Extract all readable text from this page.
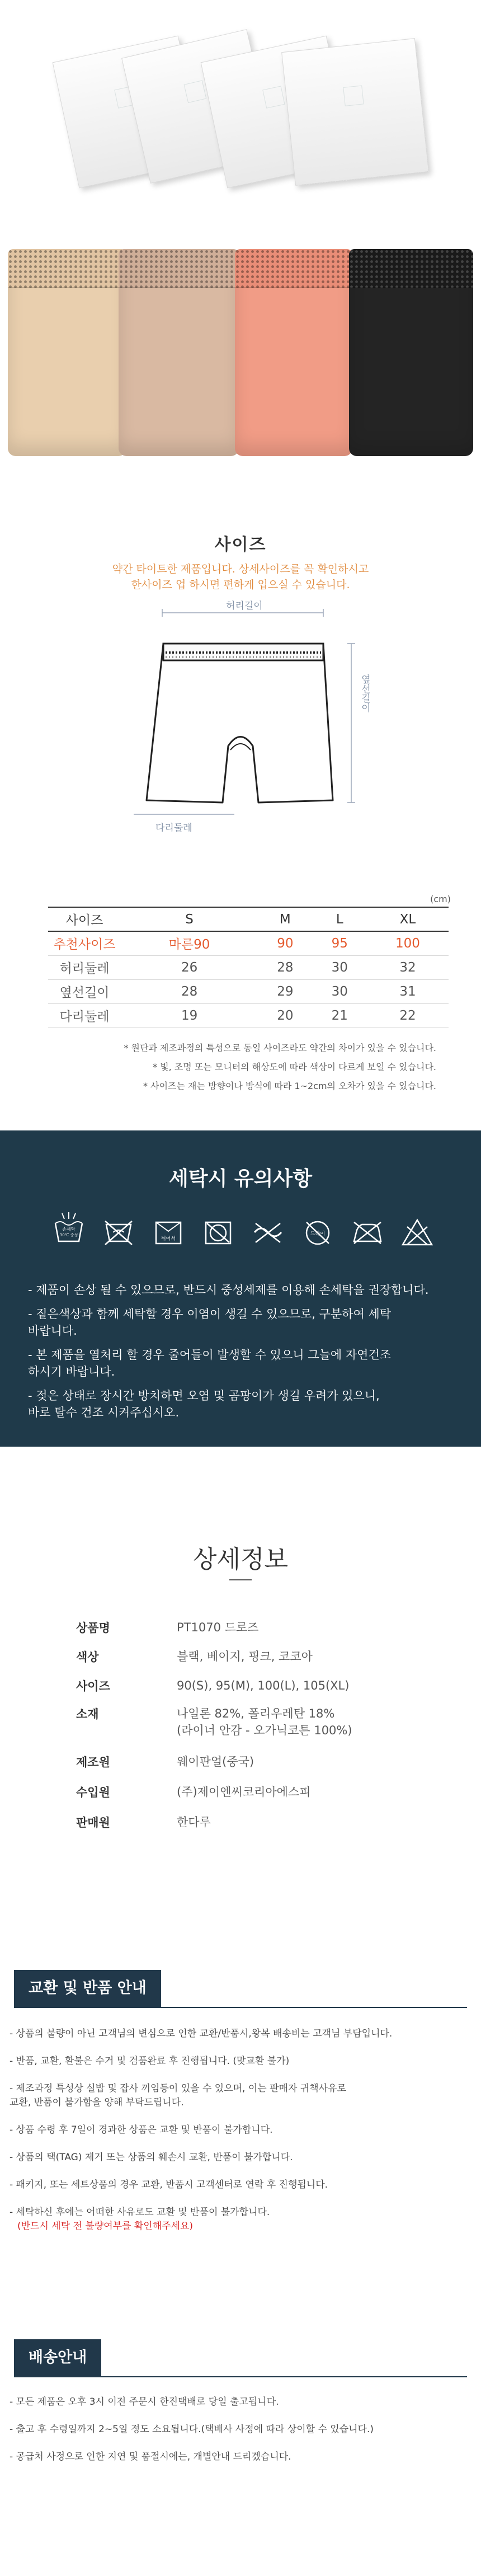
사이즈
약간 타이트한 제품입니다. 상세사이즈를 꼭 확인하시고
한사이즈 업 하시면 편하게 입으실 수 있습니다.
허리길이
옆선길이
다리둘레
(cm)
사이즈	S	M	L	XL
추천사이즈	마른90	90	95	100
허리둘레	26	28	30	32
옆선길이	28	29	30	31
다리둘레	19	20	21	22
* 원단과 제조과정의 특성으로 동일 사이즈라도 약간의 차이가 있을 수 있습니다.
* 빛, 조명 또는 모니터의 해상도에 따라 색상이 다르게 보일 수 있습니다.
* 사이즈는 재는 방향이나 방식에 따라 1~2cm의 오차가 있을 수 있습니다.
세탁시 유의사항
손세탁
30℃ 중성
뉘어서
드라이

- 제품이 손상 될 수 있으므로, 반드시 중성세제를 이용해 손세탁을 권장합니다.

- 짙은색상과 함께 세탁할 경우 이염이 생길 수 있으므로, 구분하여 세탁
바랍니다.

- 본 제품을 열처리 할 경우 줄어들이 발생할 수 있으니 그늘에 자연건조
하시기 바랍니다.

- 젖은 상태로 장시간 방치하면 오염 및 곰팡이가 생길 우려가 있으니,
바로 탈수 건조 시켜주십시오.

상세정보
상품명	PT1070 드로즈
색상	블랙, 베이지, 핑크, 코코아
사이즈	90(S), 95(M), 100(L), 105(XL)
소재	나일론 82%, 폴리우레탄 18%
(라이너 안감 - 오가닉코튼 100%)
제조원	웨이판얼(중국)
수입원	(주)제이엔씨코리아에스피
판매원	한다루
교환 및 반품 안내

- 상품의 불량이 아닌 고객님의 변심으로 인한 교환/반품시,왕복 배송비는 고객님 부담입니다.

- 반품, 교환, 환불은 수거 및 검품완료 후 진행됩니다. (맞교환 불가)

- 제조과정 특성상 실밥 및 잡사 끼임등이 있을 수 있으며, 이는 판매자 귀책사유로
교환, 반품이 불가함을 양해 부탁드립니다.

- 상품 수령 후 7일이 경과한 상품은 교환 및 반품이 불가합니다.

- 상품의 택(TAG) 제거 또는 상품의 훼손시 교환, 반품이 불가합니다.

- 패키지, 또는 세트상품의 경우 교환, 반품시 고객센터로 연락 후 진행됩니다.

- 세탁하신 후에는 어떠한 사유로도 교환 및 반품이 불가합니다.

(반드시 세탁 전 불량여부를 확인해주세요)

배송안내

- 모든 제품은 오후 3시 이전 주문시 한진택배로 당일 출고됩니다.

- 출고 후 수령일까지 2~5일 정도 소요됩니다.(택배사 사정에 따라 상이할 수 있습니다.)

- 공급처 사정으로 인한 지연 및 품절시에는, 개별안내 드리겠습니다.
